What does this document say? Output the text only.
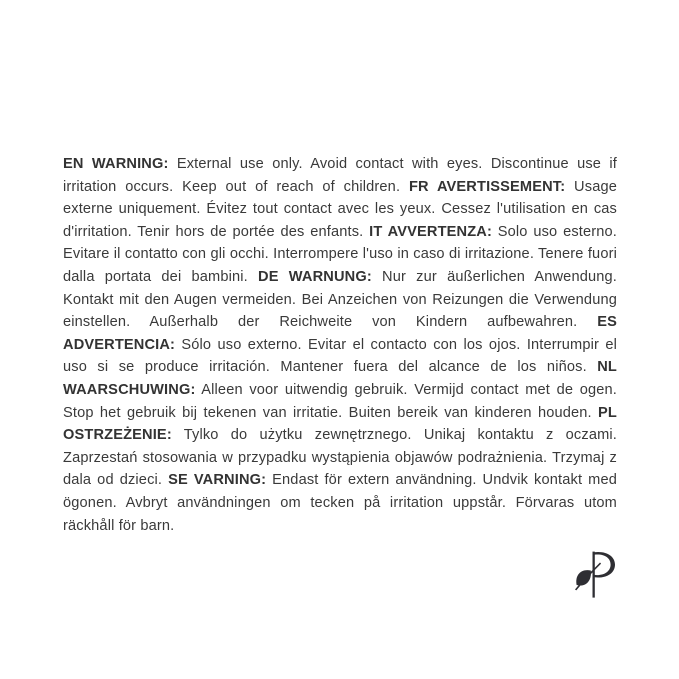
EN WARNING: External use only. Avoid contact with eyes. Discontinue use if irritation occurs. Keep out of reach of children. FR AVERTISSEMENT: Usage externe uniquement. Évitez tout contact avec les yeux. Cessez l'utilisation en cas d'irritation. Tenir hors de portée des enfants. IT AVVERTENZA: Solo uso esterno. Evitare il contatto con gli occhi. Interrompere l'uso in caso di irritazione. Tenere fuori dalla portata dei bambini. DE WARNUNG: Nur zur äußerlichen Anwendung. Kontakt mit den Augen vermeiden. Bei Anzeichen von Reizungen die Verwendung einstellen. Außerhalb der Reichweite von Kindern aufbewahren. ES ADVERTENCIA: Sólo uso externo. Evitar el contacto con los ojos. Interrumpir el uso si se produce irritación. Mantener fuera del alcance de los niños. NL WAARSCHUWING: Alleen voor uitwendig gebruik. Vermijd contact met de ogen. Stop het gebruik bij tekenen van irritatie. Buiten bereik van kinderen houden. PL OSTRZEŻENIE: Tylko do użytku zewnętrznego. Unikaj kontaktu z oczami. Zaprzestań stosowania w przypadku wystąpienia objawów podrażnienia. Trzymaj z dala od dzieci. SE VARNING: Endast för extern användning. Undvik kontakt med ögonen. Avbryt användningen om tecken på irritation uppstår. Förvaras utom räckhåll för barn.
